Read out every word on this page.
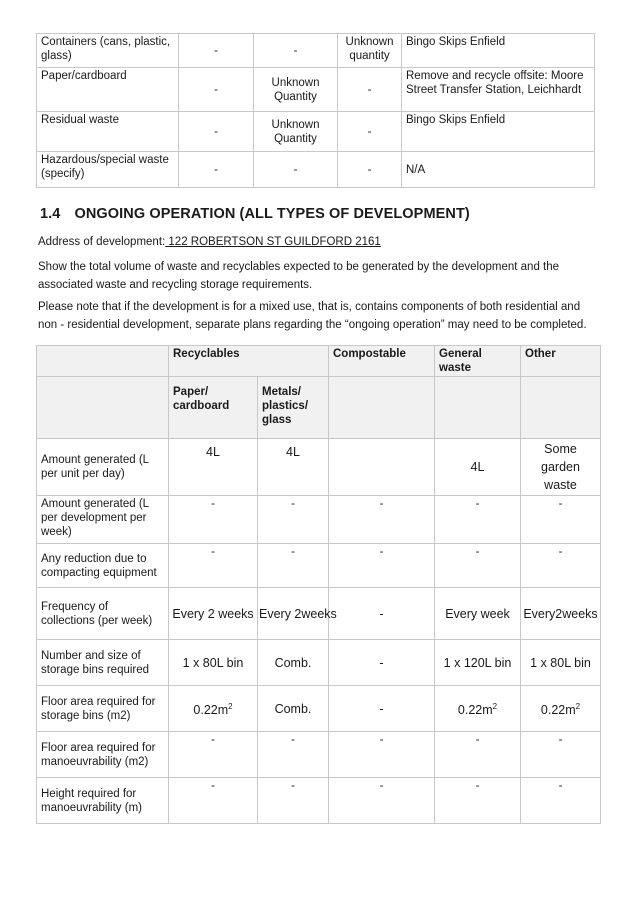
Containers (cans, plastic, glass)	-	-	Unknown quantity	Bingo Skips Enfield
Paper/cardboard	-	Unknown Quantity	-	Remove and recycle offsite: Moore Street Transfer Station, Leichhardt
Residual waste	-	Unknown Quantity	-	Bingo Skips Enfield
Hazardous/special waste (specify)	-	-	-	N/A
1.4 ONGOING OPERATION (ALL TYPES OF DEVELOPMENT)

Address of development: 122 ROBERTSON ST GUILDFORD 2161

Show the total volume of waste and recyclables expected to be generated by the development and the associated waste and recycling storage requirements.

Please note that if the development is for a mixed use, that is, contains components of both residential and non - residential development, separate plans regarding the “ongoing operation” may need to be completed.

	Recyclables		Compostable	General waste	Other
	Paper/ cardboard	Metals/ plastics/ glass			
Amount generated (L per unit per day)	4L	4L		4L	Some garden waste
Amount generated (L per development per week)	-	-	-	-	-
Any reduction due to compacting equipment	-	-	-	-	-
Frequency of collections (per week)	Every 2 weeks	Every 2weeks	-	Every week	Every2weeks
Number and size of storage bins required	1 x 80L bin	Comb.	-	1 x 120L bin	1 x 80L bin
Floor area required for storage bins (m2)	$0.22m^2$	Comb.	-	$0.22m^2$	$0.22m^2$
Floor area required for manoeuvrability (m2)	-	-	-	-	-
Height required for manoeuvrability (m)	-	-	-	-	-
